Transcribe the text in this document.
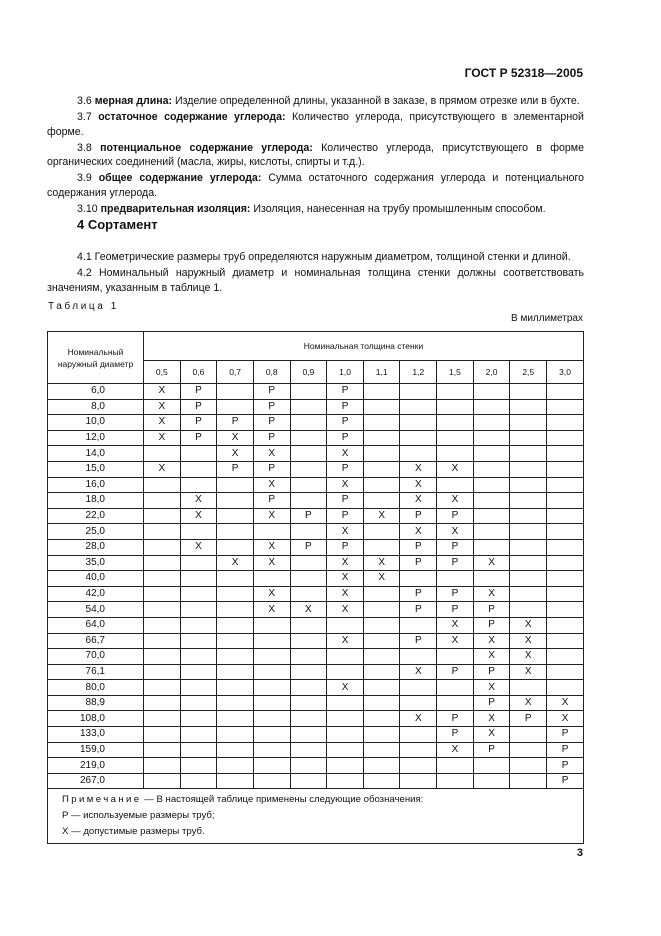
ГОСТ Р 52318—2005

3.6 мерная длина: Изделие определенной длины, указанной в заказе, в прямом отрезке или в бухте.

3.7 остаточное содержание углерода: Количество углерода, присутствующего в элементарной форме.

3.8 потенциальное содержание углерода: Количество углерода, присутствующего в форме органических соединений (масла, жиры, кислоты, спирты и т.д.).

3.9 общее содержание углерода: Сумма остаточного содержания углерода и потенциального содержания углерода.

3.10 предварительная изоляция: Изоляция, нанесенная на трубу промышленным способом.

4 Сортамент

4.1 Геометрические размеры труб определяются наружным диаметром, толщиной стенки и длиной.

4.2 Номинальный наружный диаметр и номинальная толщина стенки должны соответствовать значениям, указанным в таблице 1.

Таблица 1
В миллиметрах
Номинальный наружный диаметр	Номинальная толщина стенки											
	0,5	0,6	0,7	0,8	0,9	1,0	1,1	1,2	1,5	2,0	2,5	3,0
6,0	X	P		P		P						
8,0	X	P		P		P						
10,0	X	P	P	P		P						
12,0	X	P	X	P		P						
14,0			X	X		X						
15,0	X		P	P		P		X	X			
16,0				X		X		X				
18,0		X		P		P		X	X			
22,0		X		X	P	P	X	P	P			
25,0						X		X	X			
28,0		X		X	P	P		P	P			
35,0			X	X		X	X	P	P	X		
40,0						X	X					
42,0				X		X		P	P	X		
54,0				X	X	X		P	P	P		
64,0									X	P	X	
66,7						X		P	X	X	X	
70,0										X	X	
76,1								X	P	P	X	
80,0						X				X		
88,9										P	X	X
108,0								X	P	X	P	X
133,0									P	X		P
159,0									X	P		P
219,0												P
267,0												P

Примечание — В настоящей таблице применены следующие обозначения:
P — используемые размеры труб;
X — допустимые размеры труб.												
3
